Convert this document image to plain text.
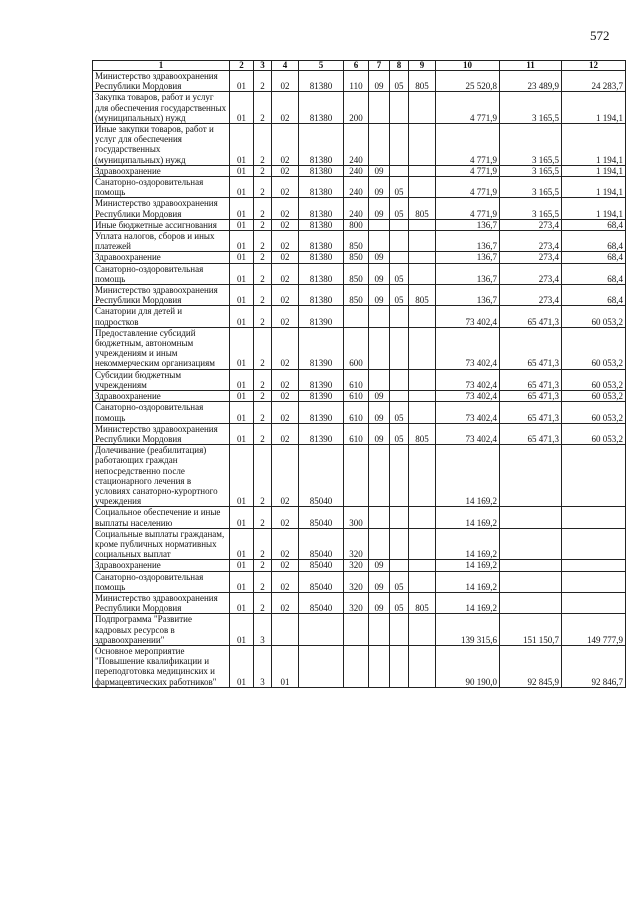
572
1	2	3	4	5	6	7	8	9	10	11	12
Министерство здравоохранения Республики Мордовия	01	2	02	81380	110	09	05	805	25 520,8	23 489,9	24 283,7
Закупка товаров, работ и услуг для обеспечения государственных (муниципальных) нужд	01	2	02	81380	200				4 771,9	3 165,5	1 194,1
Иные закупки товаров, работ и услуг для обеспечения государственных (муниципальных) нужд	01	2	02	81380	240				4 771,9	3 165,5	1 194,1
Здравоохранение	01	2	02	81380	240	09			4 771,9	3 165,5	1 194,1
Санаторно-оздоровительная помощь	01	2	02	81380	240	09	05		4 771,9	3 165,5	1 194,1
Министерство здравоохранения Республики Мордовия	01	2	02	81380	240	09	05	805	4 771,9	3 165,5	1 194,1
Иные бюджетные ассигнования	01	2	02	81380	800				136,7	273,4	68,4
Уплата налогов, сборов и иных платежей	01	2	02	81380	850				136,7	273,4	68,4
Здравоохранение	01	2	02	81380	850	09			136,7	273,4	68,4
Санаторно-оздоровительная помощь	01	2	02	81380	850	09	05		136,7	273,4	68,4
Министерство здравоохранения Республики Мордовия	01	2	02	81380	850	09	05	805	136,7	273,4	68,4
Санатории для детей и подростков	01	2	02	81390					73 402,4	65 471,3	60 053,2
Предоставление субсидий бюджетным, автономным учреждениям и иным некоммерческим организациям	01	2	02	81390	600				73 402,4	65 471,3	60 053,2
Субсидии бюджетным учреждениям	01	2	02	81390	610				73 402,4	65 471,3	60 053,2
Здравоохранение	01	2	02	81390	610	09			73 402,4	65 471,3	60 053,2
Санаторно-оздоровительная помощь	01	2	02	81390	610	09	05		73 402,4	65 471,3	60 053,2
Министерство здравоохранения Республики Мордовия	01	2	02	81390	610	09	05	805	73 402,4	65 471,3	60 053,2
Долечивание (реабилитация) работающих граждан непосредственно после стационарного лечения в условиях санаторно-курортного учреждения	01	2	02	85040					14 169,2		
Социальное обеспечение и иные выплаты населению	01	2	02	85040	300				14 169,2		
Социальные выплаты гражданам, кроме публичных нормативных социальных выплат	01	2	02	85040	320				14 169,2		
Здравоохранение	01	2	02	85040	320	09			14 169,2		
Санаторно-оздоровительная помощь	01	2	02	85040	320	09	05		14 169,2		
Министерство здравоохранения Республики Мордовия	01	2	02	85040	320	09	05	805	14 169,2		
Подпрограмма "Развитие кадровых ресурсов в здравоохранении"	01	3							139 315,6	151 150,7	149 777,9
Основное мероприятие "Повышение квалификации и переподготовка медицинских и фармацевтических работников"	01	3	01						90 190,0	92 845,9	92 846,7
